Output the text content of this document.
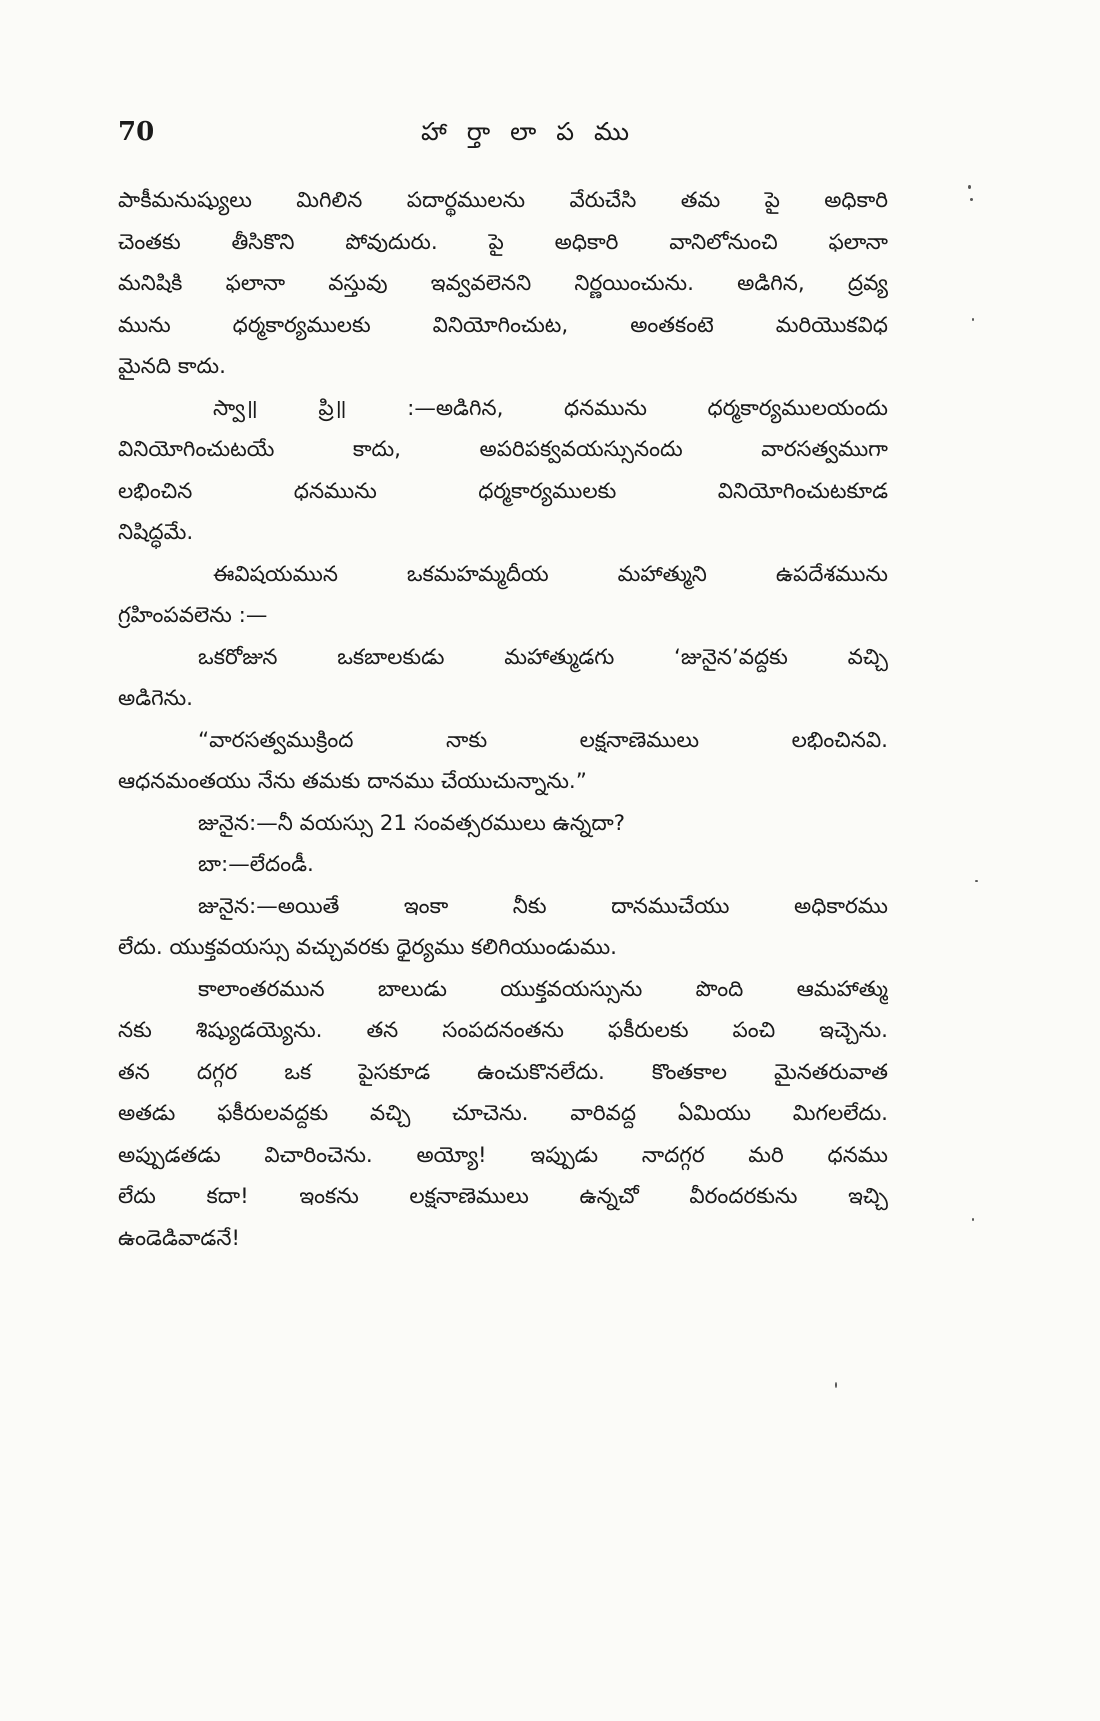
70	హా ర్తా లా ప ము
పాకీమనుష్యులు మిగిలిన పదార్థములను వేరుచేసి తమ పై అధికారి
చెంతకు తీసికొని పోవుదురు. పై అధికారి వానిలోనుంచి ఫలానా
మనిషికి ఫలానా వస్తువు ఇవ్వవలెనని నిర్ణయించును. అడిగిన, ద్రవ్య
మును ధర్మకార్యములకు వినియోగించుట, అంతకంటె మరియొకవిధ
మైనది కాదు.
స్వా॥ ప్రి॥ :—అడిగిన, ధనమును ధర్మకార్యములయందు
వినియోగించుటయే కాదు, అపరిపక్వవయస్సునందు వారసత్వముగా
లభించిన ధనమును ధర్మకార్యములకు వినియోగించుటకూడ
నిషిద్ధమే.
ఈవిషయమున ఒకమహమ్మదీయ మహాత్ముని ఉపదేశమును
గ్రహింపవలెను :—
ఒకరోజున ఒకబాలకుడు మహాత్ముడగు ‘జునైన’వద్దకు వచ్చి
అడిగెను.
“వారసత్వముక్రింద నాకు లక్షనాణెములు లభించినవి.
ఆధనమంతయు నేను తమకు దానము చేయుచున్నాను.”
జునైన:—నీ వయస్సు 21 సంవత్సరములు ఉన్నదా?
బా:—లేదండీ.
జునైన:—అయితే ఇంకా నీకు దానముచేయు అధికారము
లేదు. యుక్తవయస్సు వచ్చువరకు ధైర్యము కలిగియుండుము.
కాలాంతరమున బాలుడు యుక్తవయస్సును పొంది ఆమహాత్ము
నకు శిష్యుడయ్యెను. తన సంపదనంతను ఫకీరులకు పంచి ఇచ్చెను.
తన దగ్గర ఒక పైసకూడ ఉంచుకొనలేదు. కొంతకాల మైనతరువాత
అతడు ఫకీరులవద్దకు వచ్చి చూచెను. వారివద్ద ఏమియు మిగలలేదు.
అప్పుడతడు విచారించెను. అయ్యో! ఇప్పుడు నాదగ్గర మరి ధనము
లేదు కదా! ఇంకను లక్షనాణెములు ఉన్నచో వీరందరకును ఇచ్చి
ఉండెడివాడనే!
